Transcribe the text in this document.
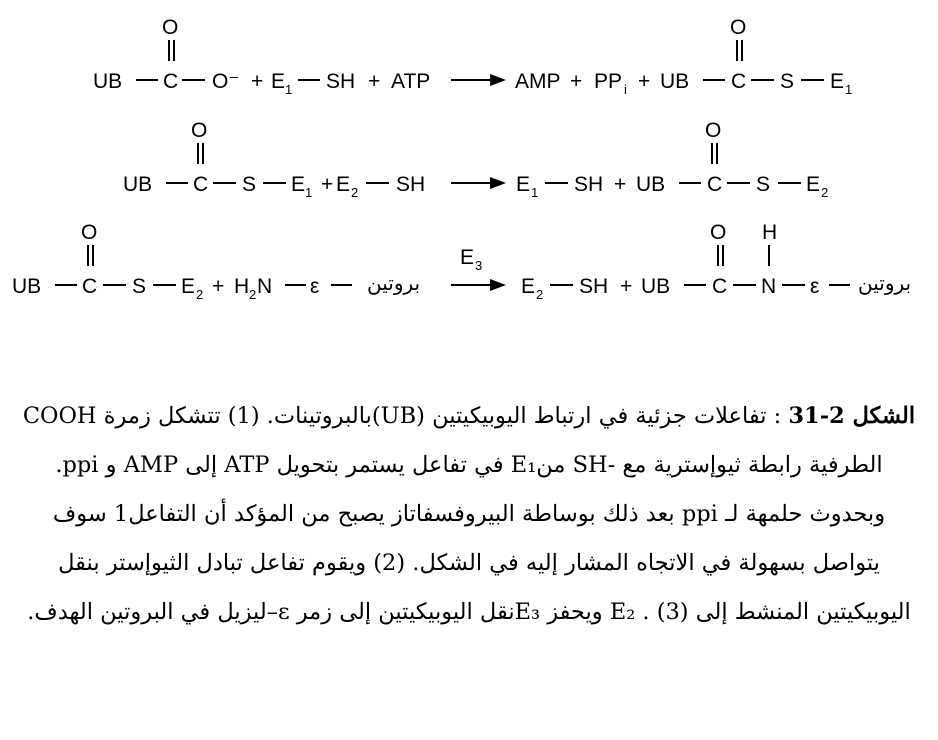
UB C
O
O⁻ + E 1 SH + ATP	AMP + PP i + UB C
O
S E 1
UB C
O
S E 1 + E 2 SH	E 1 SH + UB C
O
S E 2
UB C
O
S E 2 + H 2 N ε بروتين
E 3
E 2 SH + UB C
O
N
H
ε بروتين

الشكل 2-31 : تفاعلات جزئية في ارتباط اليوبيكيتين (UB)بالبروتينات. (1) تتشكل زمرة COOH الطرفية رابطة ثيوإسترية مع -SH منE₁ في تفاعل يستمر بتحويل ATP إلى AMP و ppi. وبحدوث حلمهة لـ ppi بعد ذلك بوساطة البيروفسفاتاز يصبح من المؤكد أن التفاعل1 سوف يتواصل بسهولة في الاتجاه المشار إليه في الشكل. (2) ويقوم تفاعل تبادل الثيوإستر بنقل اليوبيكيتين المنشط إلى E₂ . (3) ويحفز E₃نقل اليوبيكيتين إلى زمر ε–ليزيل في البروتين الهدف.
